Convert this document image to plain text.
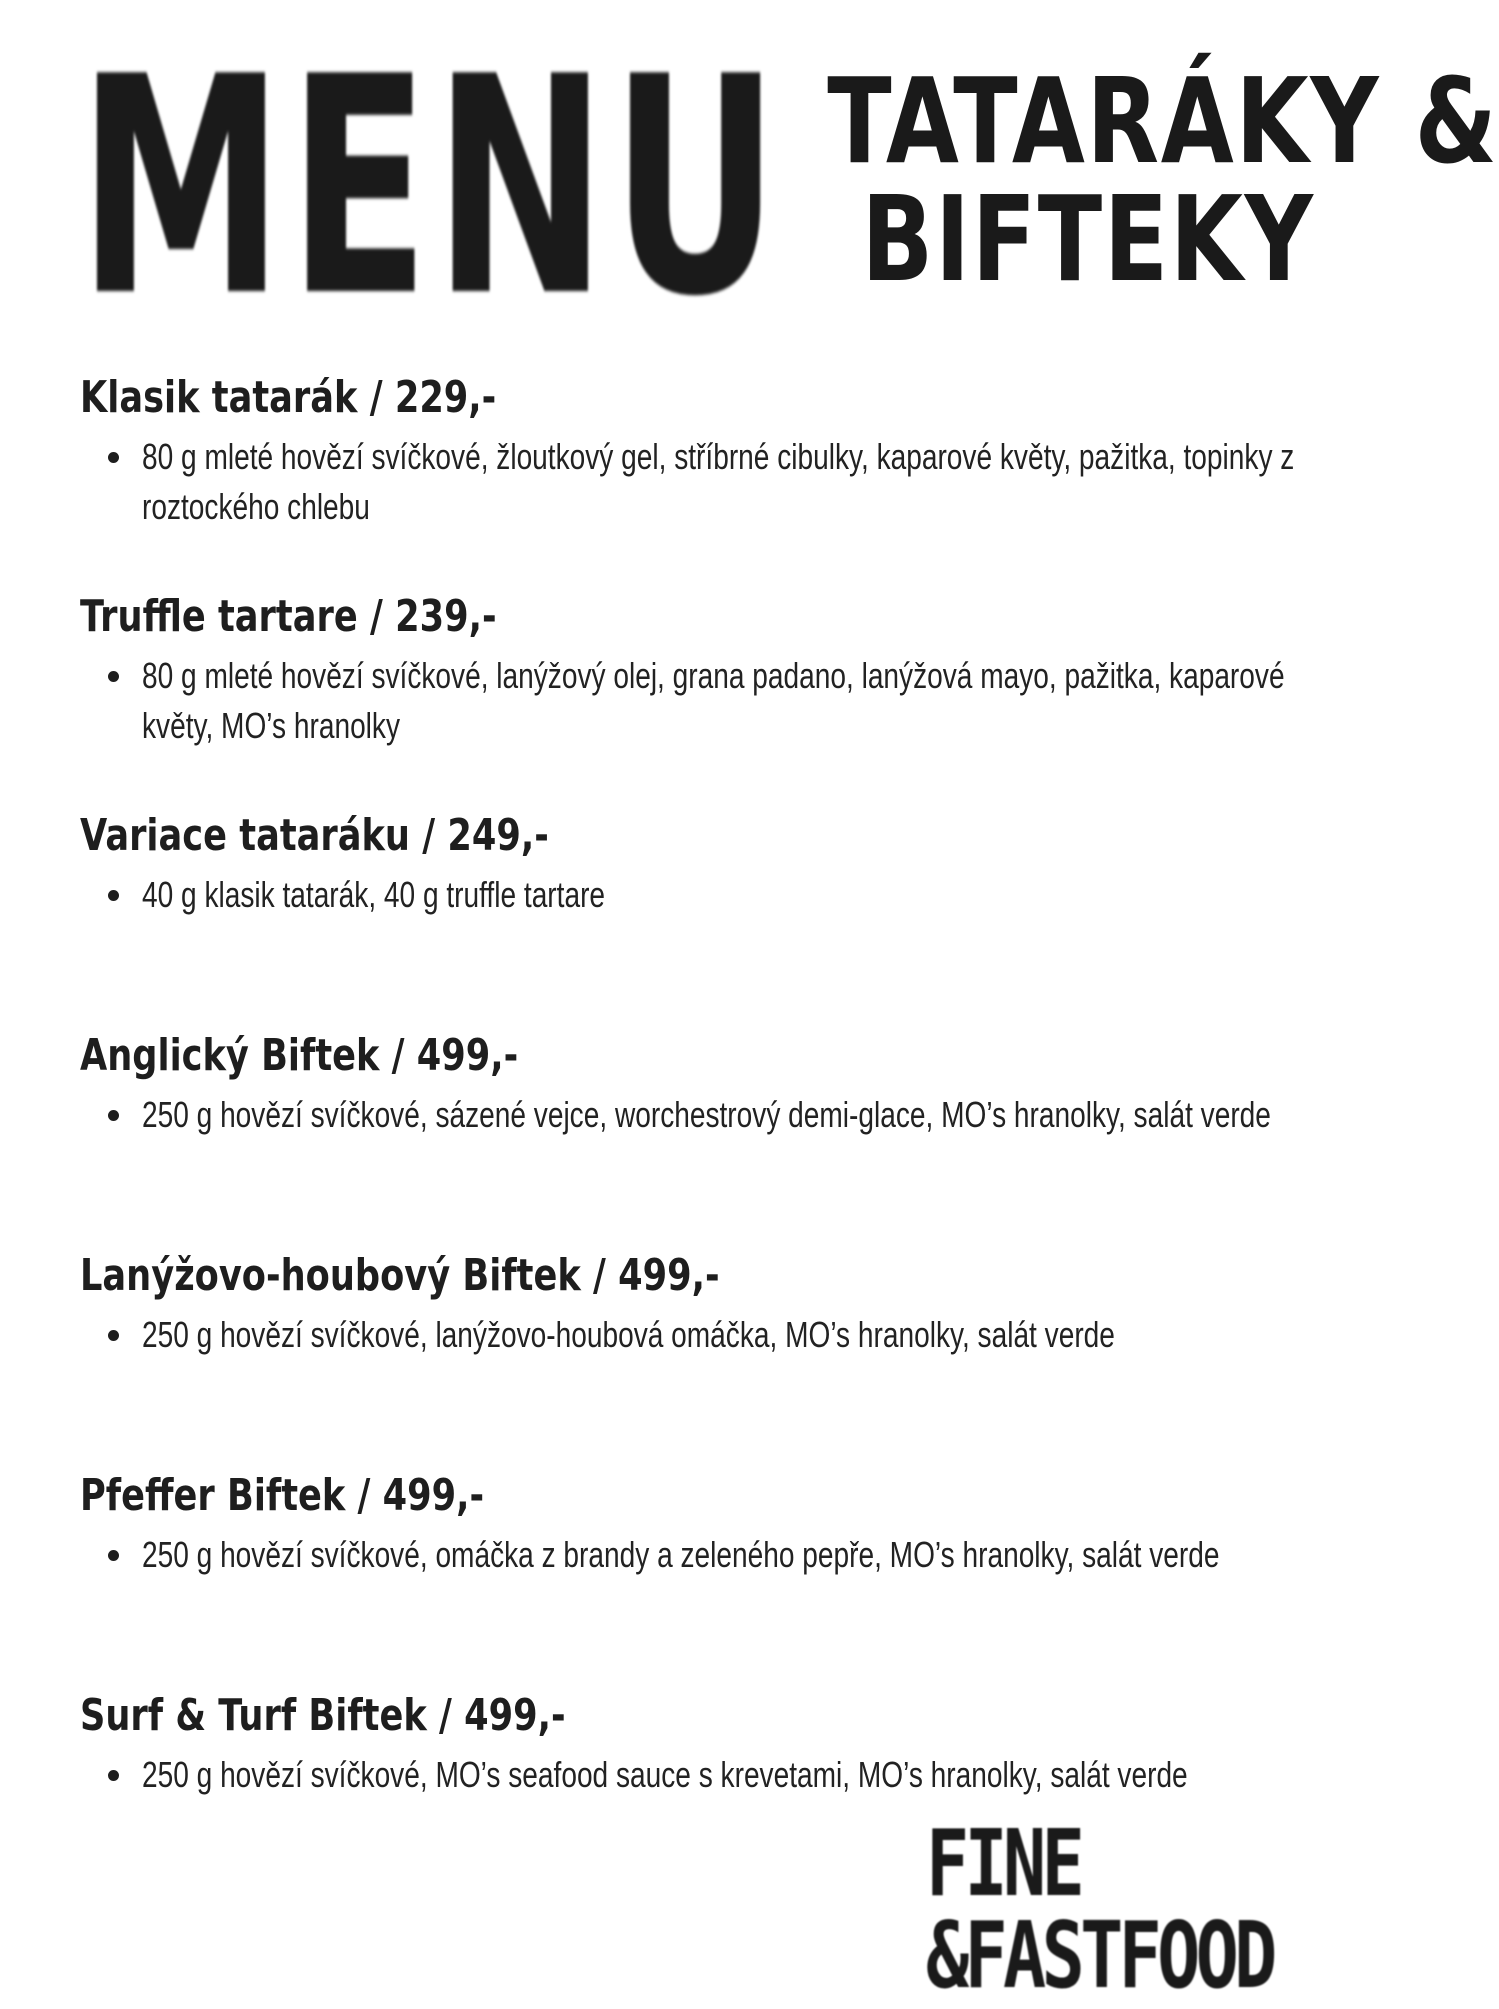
MENU TATARÁKY &
BIFTEKY
Klasik tatarák / 229,-
80 g mleté hovězí svíčkové, žloutkový gel, stříbrné cibulky, kaparové květy, pažitka, topinky z roztockého chlebu
Truffle tartare / 239,-
80 g mleté hovězí svíčkové, lanýžový olej, grana padano, lanýžová mayo, pažitka, kaparové květy, MO’s hranolky
Variace tataráku / 249,-
40 g klasik tatarák, 40 g truffle tartare
Anglický Biftek / 499,-
250 g hovězí svíčkové, sázené vejce, worchestrový demi-glace, MO’s hranolky, salát verde
Lanýžovo-houbový Biftek / 499,-
250 g hovězí svíčkové, lanýžovo-houbová omáčka, MO’s hranolky, salát verde
Pfeffer Biftek / 499,-
250 g hovězí svíčkové, omáčka z brandy a zeleného pepře, MO’s hranolky, salát verde
Surf & Turf Biftek / 499,-
250 g hovězí svíčkové, MO’s seafood sauce s krevetami, MO’s hranolky, salát verde
FINE
&FASTFOOD
